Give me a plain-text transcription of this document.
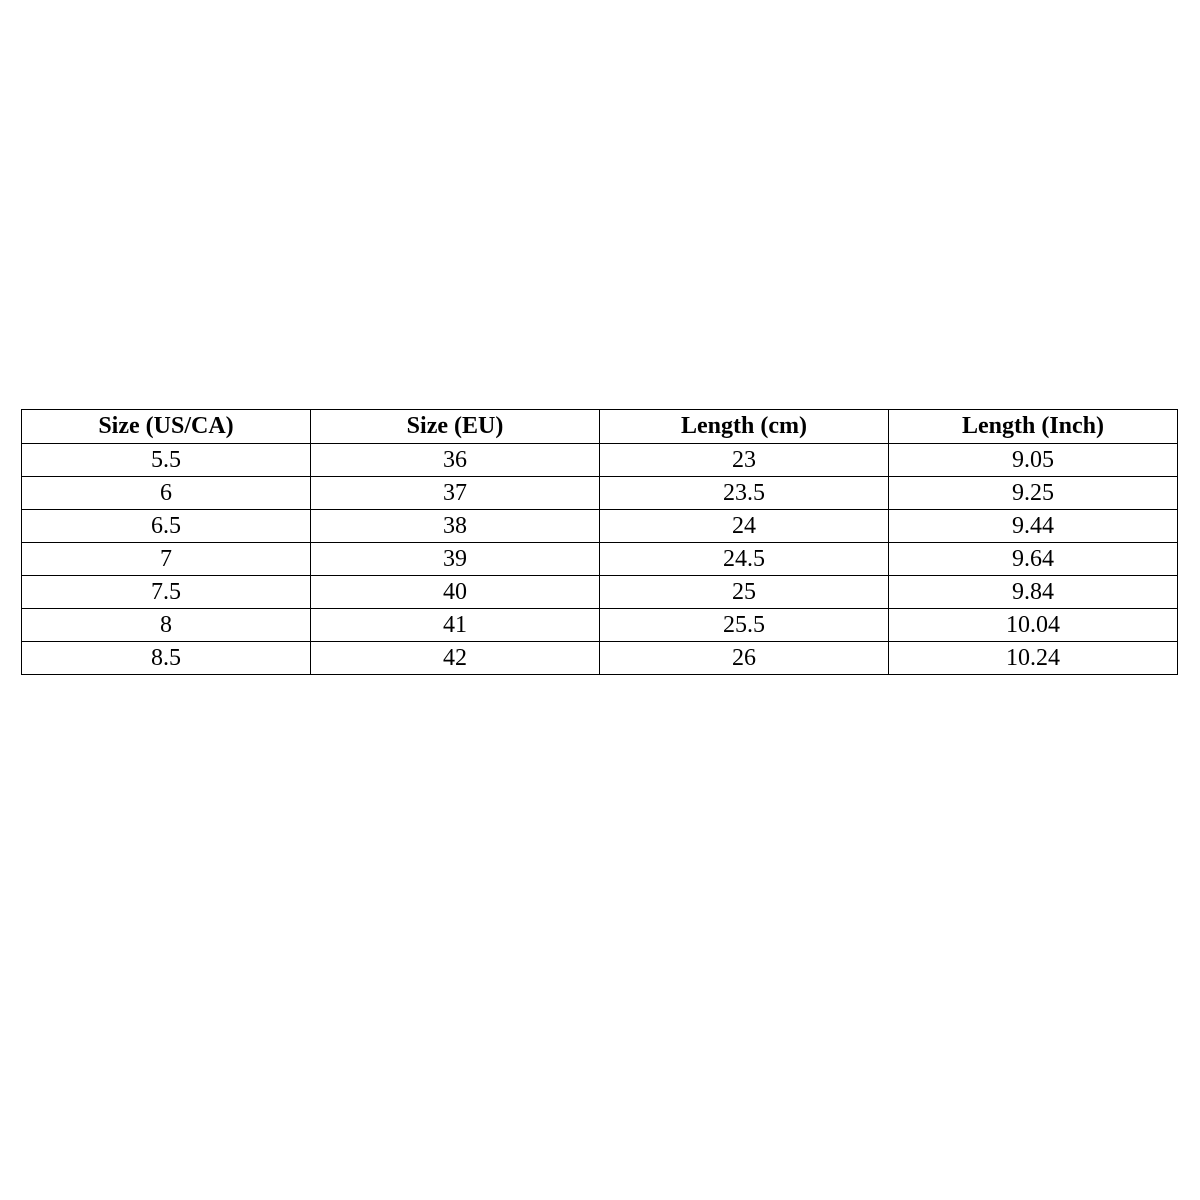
Size (US/CA)	Size (EU)	Length (cm)	Length (Inch)
5.5	36	23	9.05
6	37	23.5	9.25
6.5	38	24	9.44
7	39	24.5	9.64
7.5	40	25	9.84
8	41	25.5	10.04
8.5	42	26	10.24
